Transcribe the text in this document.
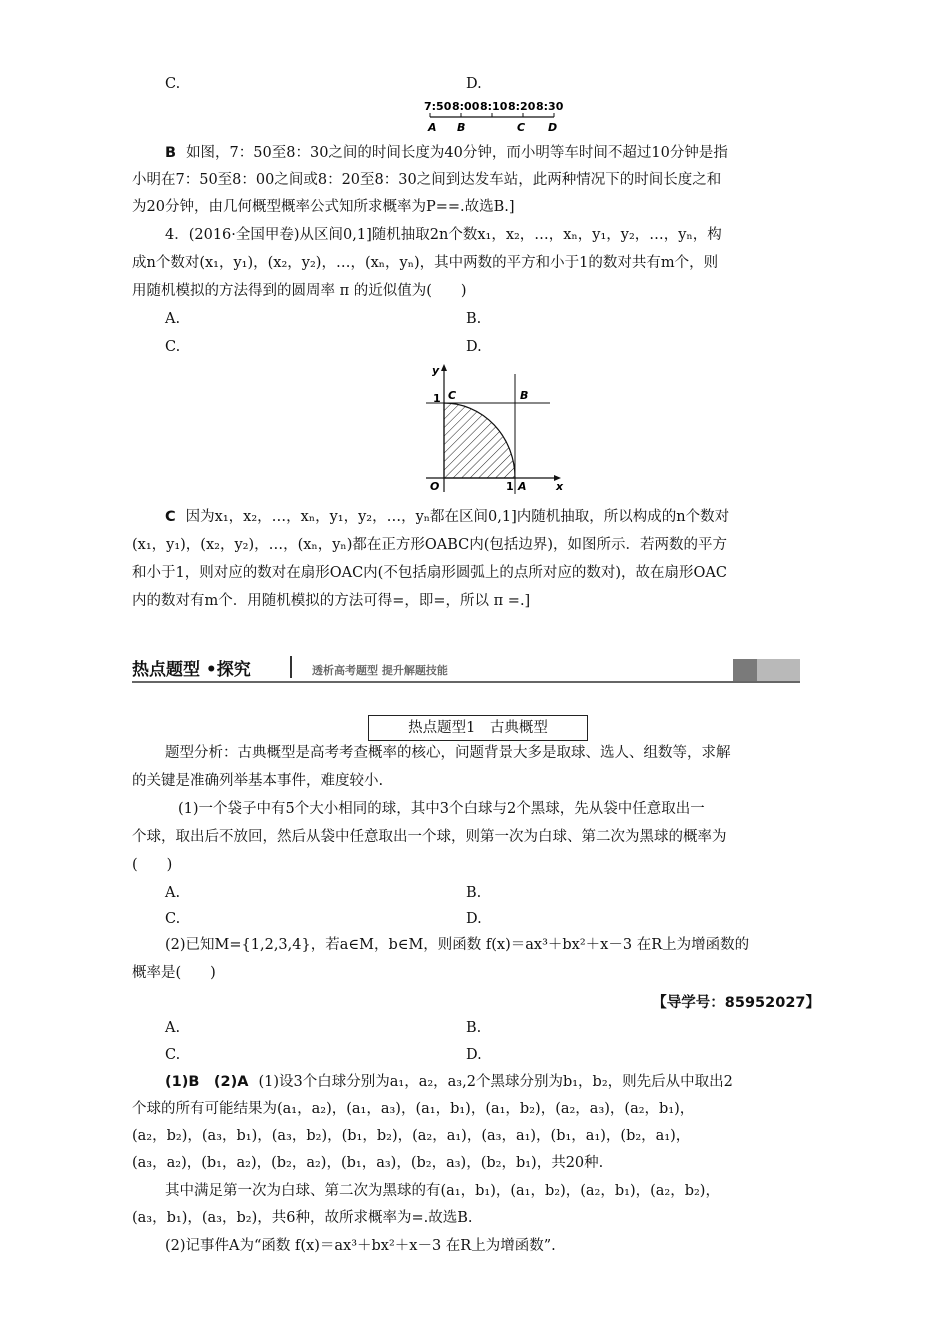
C.	D.
7:50 8:00 8:10 8:20 8:30
A B	C D
B 如图，7：50至8：30之间的时间长度为40分钟，而小明等车时间不超过10分钟是指
小明在7：50至8：00之间或8：20至8：30之间到达发车站，此两种情况下的时间长度之和
为20分钟，由几何概型概率公式知所求概率为P==.故选B.]
4．(2016·全国甲卷)从区间0,1]随机抽取2n个数x₁，x₂，…，xₙ，y₁，y₂，…，yₙ，构
成n个数对(x₁，y₁)，(x₂，y₂)，…，(xₙ，yₙ)，其中两数的平方和小于1的数对共有m个，则
用随机模拟的方法得到的圆周率 π 的近似值为(　　)
A.	B.
C.	D.
y
x
O
1
1
C	B
A
C 因为x₁，x₂，…，xₙ，y₁，y₂，…，yₙ都在区间0,1]内随机抽取，所以构成的n个数对
(x₁，y₁)，(x₂，y₂)，…，(xₙ，yₙ)都在正方形OABC内(包括边界)，如图所示．若两数的平方
和小于1，则对应的数对在扇形OAC内(不包括扇形圆弧上的点所对应的数对)，故在扇形OAC
内的数对有m个．用随机模拟的方法可得=，即=，所以 π =.]
热点题型 •探究	透析高考题型 提升解题技能
热点题型1　古典概型
题型分析：古典概型是高考考查概率的核心，问题背景大多是取球、选人、组数等，求解
的关键是准确列举基本事件，难度较小.
(1)一个袋子中有5个大小相同的球，其中3个白球与2个黑球，先从袋中任意取出一
个球，取出后不放回，然后从袋中任意取出一个球，则第一次为白球、第二次为黑球的概率为
(　　)
A.	B.
C.	D.
(2)已知M={1,2,3,4}，若a∈M，b∈M，则函数 f(x)＝ax³＋bx²＋x－3 在R上为增函数的
概率是(　　)
【导学号：85952027】
A.	B.
C.	D.
(1)B　(2)A (1)设3个白球分别为a₁，a₂，a₃,2个黑球分别为b₁，b₂，则先后从中取出2
个球的所有可能结果为(a₁，a₂)，(a₁，a₃)，(a₁，b₁)，(a₁，b₂)，(a₂，a₃)，(a₂，b₁)，
(a₂，b₂)，(a₃，b₁)，(a₃，b₂)，(b₁，b₂)，(a₂，a₁)，(a₃，a₁)，(b₁，a₁)，(b₂，a₁)，
(a₃，a₂)，(b₁，a₂)，(b₂，a₂)，(b₁，a₃)，(b₂，a₃)，(b₂，b₁)，共20种.
其中满足第一次为白球、第二次为黑球的有(a₁，b₁)，(a₁，b₂)，(a₂，b₁)，(a₂，b₂)，
(a₃，b₁)，(a₃，b₂)，共6种，故所求概率为=.故选B.
(2)记事件A为“函数 f(x)＝ax³＋bx²＋x－3 在R上为增函数”.
